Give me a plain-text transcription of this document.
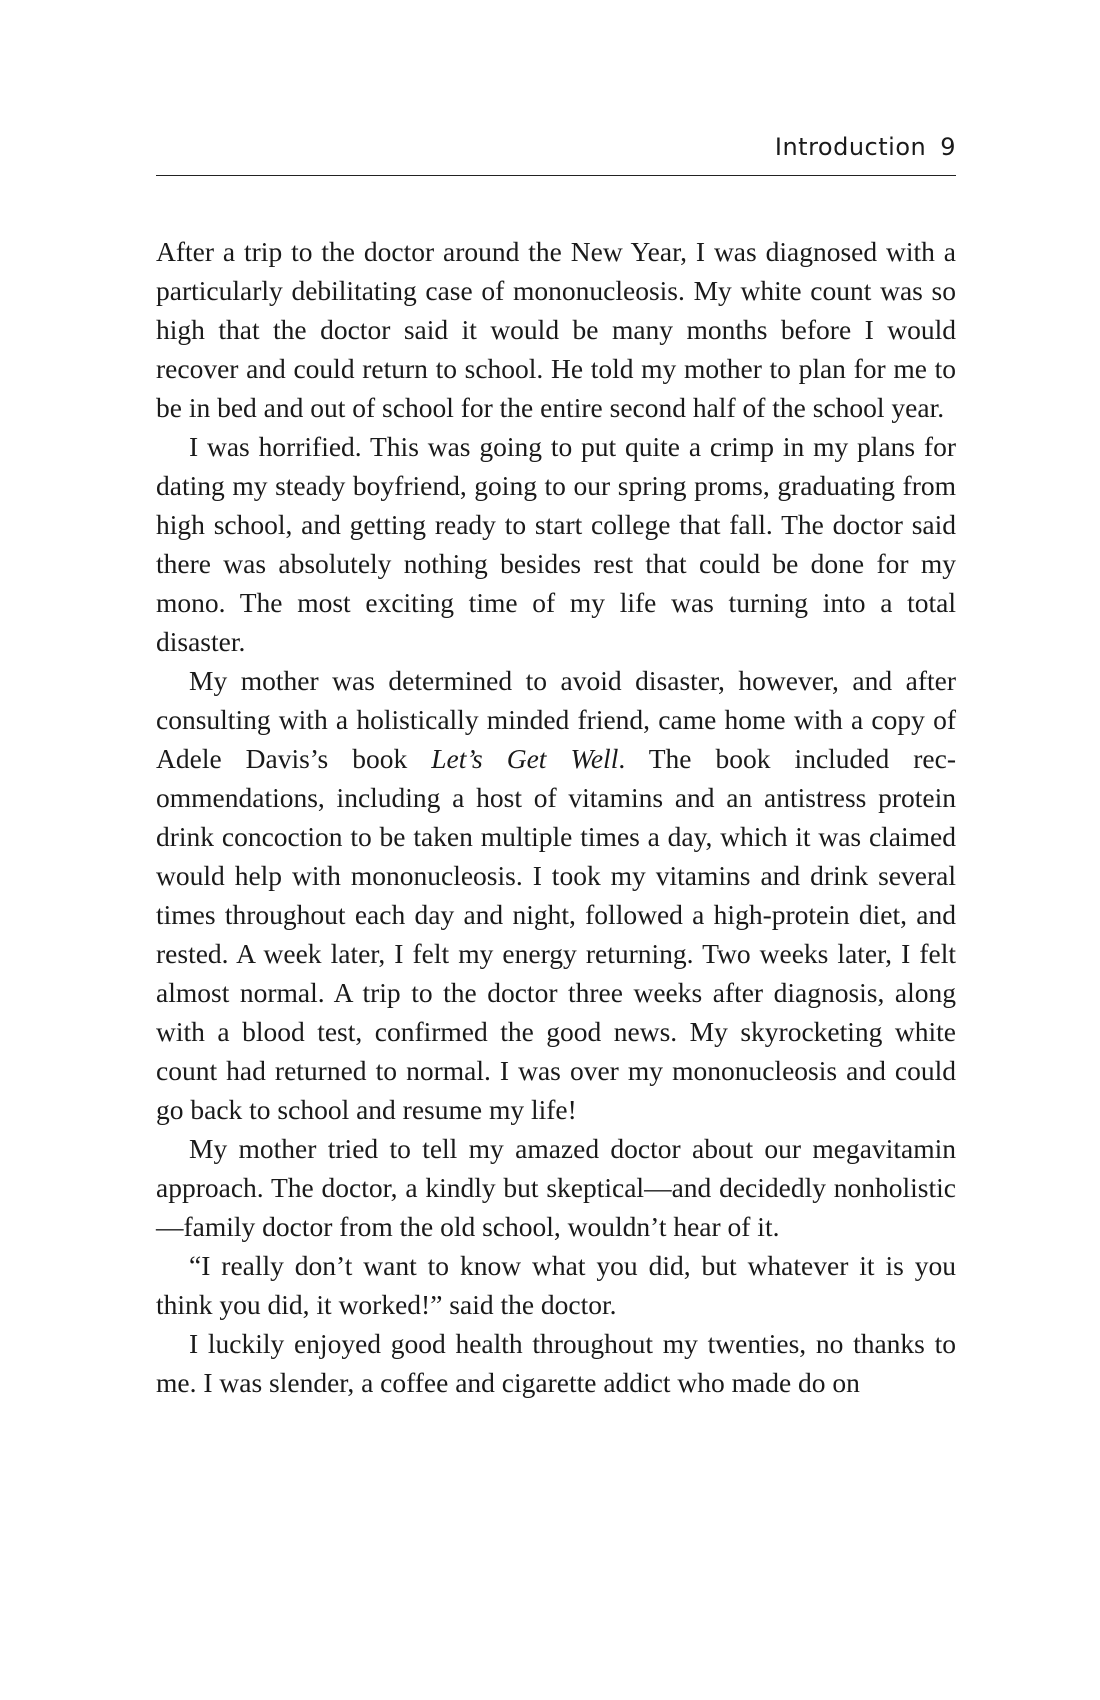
Introduction 9

After a trip to the doctor around the New Year, I was diagnosed with a particularly debilitating case of mononucleosis. My white count was so high that the doctor said it would be many months before I would recover and could return to school. He told my mother to plan for me to be in bed and out of school for the entire second half of the school year.

I was horrified. This was going to put quite a crimp in my plans for dating my steady boyfriend, going to our spring proms, graduating from high school, and getting ready to start college that fall. The doctor said there was absolutely nothing besides rest that could be done for my mono. The most exciting time of my life was turning into a total disaster.

My mother was determined to avoid disaster, however, and after consulting with a holistically minded friend, came home with a copy of Adele Davis’s book Let’s Get Well. The book included recommendations, including a host of vitamins and an antistress protein drink concoction to be taken multiple times a day, which it was claimed would help with mononucleosis. I took my vitamins and drink several times throughout each day and night, followed a high-protein diet, and rested. A week later, I felt my energy returning. Two weeks later, I felt almost normal. A trip to the doctor three weeks after diagnosis, along with a blood test, confirmed the good news. My skyrocketing white count had returned to normal. I was over my mononucleosis and could go back to school and resume my life!

My mother tried to tell my amazed doctor about our megavitamin approach. The doctor, a kindly but skeptical—and decidedly nonholistic—family doctor from the old school, wouldn’t hear of it.

“I really don’t want to know what you did, but whatever it is you think you did, it worked!” said the doctor.

I luckily enjoyed good health throughout my twenties, no thanks to me. I was slender, a coffee and cigarette addict who made do on
